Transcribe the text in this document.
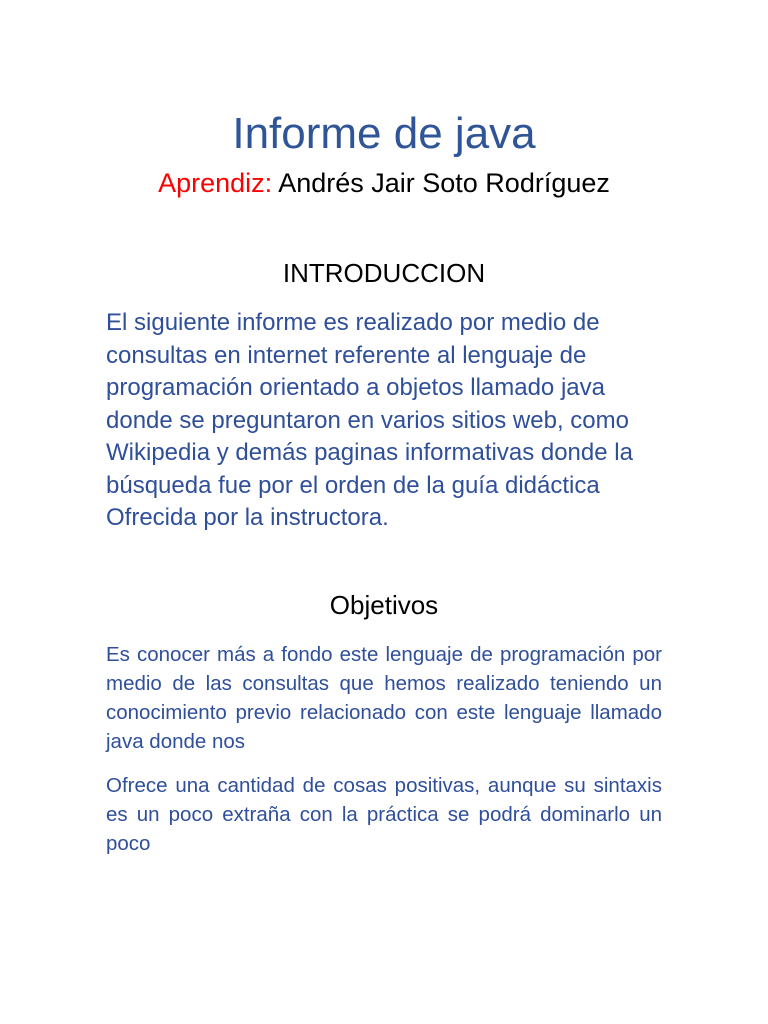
Informe de java
Aprendiz: Andrés Jair Soto Rodríguez
INTRODUCCION

El siguiente informe es realizado por medio de consultas en internet referente al lenguaje de programación orientado a objetos llamado java donde se preguntaron en varios sitios web, como Wikipedia y demás paginas informativas donde la búsqueda fue por el orden de la guía didáctica Ofrecida por la instructora.

Objetivos

Es conocer más a fondo este lenguaje de programación por medio de las consultas que hemos realizado teniendo un conocimiento previo relacionado con este lenguaje llamado java donde nos

Ofrece una cantidad de cosas positivas, aunque su sintaxis es un poco extraña con la práctica se podrá dominarlo un poco
